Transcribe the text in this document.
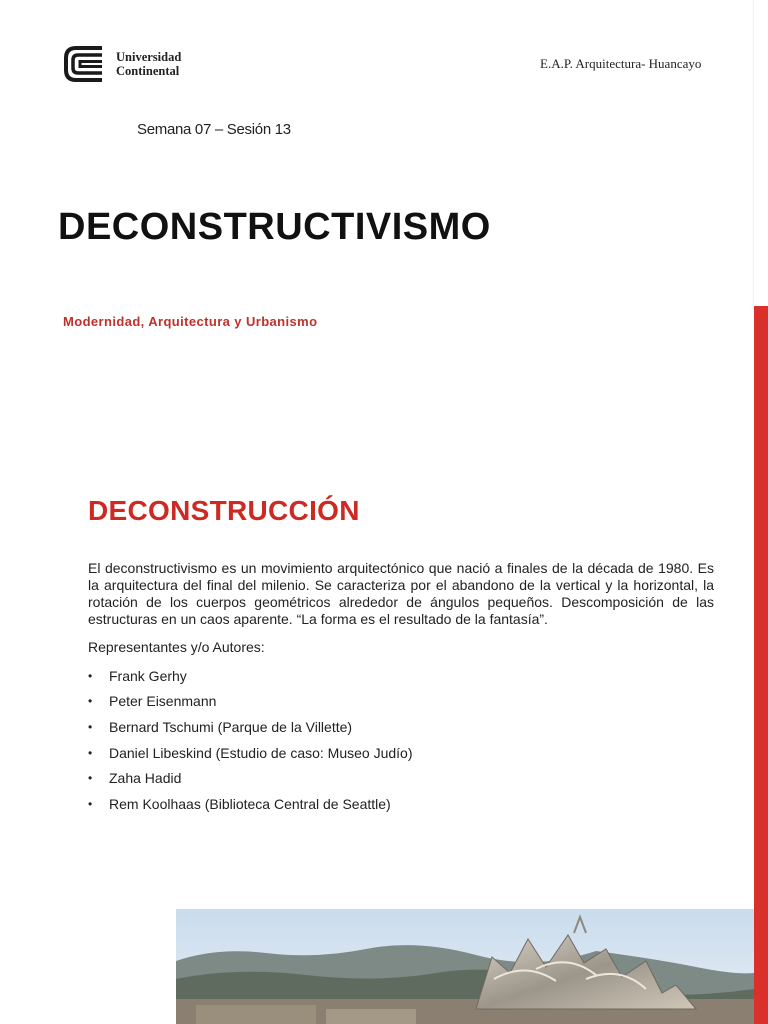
Universidad
Continental	E.A.P. Arquitectura- Huancayo
Semana 07 – Sesión 13
DECONSTRUCTIVISMO
Modernidad, Arquitectura y Urbanismo
DECONSTRUCCIÓN

El deconstructivismo es un movimiento arquitectónico que nació a finales de la década de 1980. Es la arquitectura del final del milenio. Se caracteriza por el abandono de la vertical y la horizontal, la rotación de los cuerpos geométricos alrededor de ángulos pequeños. Descomposición de las estructuras en un caos aparente. “La forma es el resultado de la fantasía”.

Representantes y/o Autores:
•	Frank Gerhy
•	Peter Eisenmann
•	Bernard Tschumi (Parque de la Villette)
•	Daniel Libeskind (Estudio de caso: Museo Judío)
•	Zaha Hadid
•	Rem Koolhaas (Biblioteca Central de Seattle)
